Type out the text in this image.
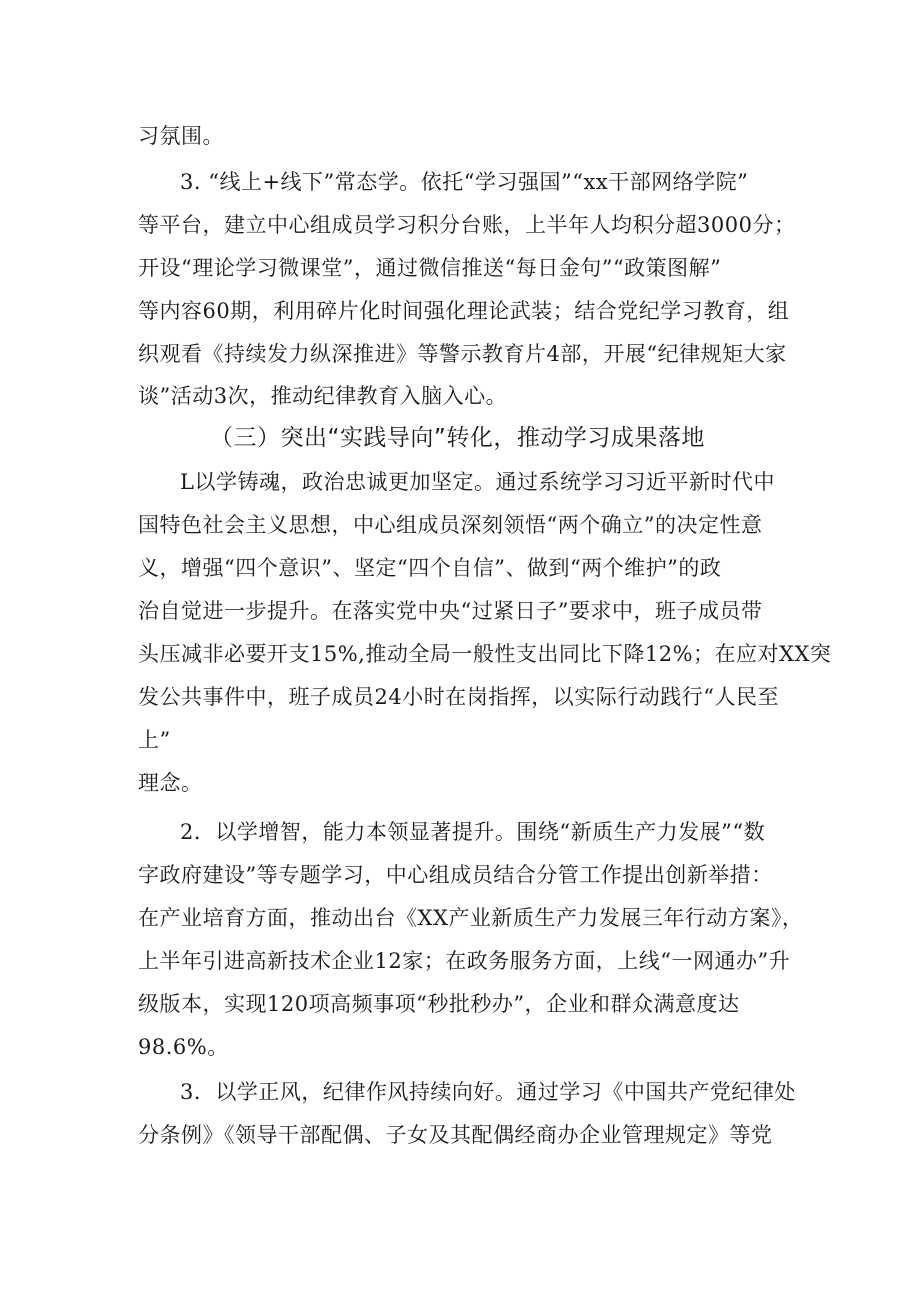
习氛围。
3. “线上+线下”常态学。依托“学习强国”“xx干部网络学院”
等平台，建立中心组成员学习积分台账，上半年人均积分超3000分；
开设“理论学习微课堂”，通过微信推送“每日金句”“政策图解”
等内容60期，利用碎片化时间强化理论武装；结合党纪学习教育，组
织观看《持续发力纵深推进》等警示教育片4部，开展“纪律规矩大家
谈”活动3次，推动纪律教育入脑入心。
（三）突出“实践导向”转化，推动学习成果落地
L以学铸魂，政治忠诚更加坚定。通过系统学习习近平新时代中
国特色社会主义思想，中心组成员深刻领悟“两个确立”的决定性意
义，增强“四个意识”、坚定“四个自信”、做到“两个维护”的政
治自觉进一步提升。在落实党中央“过紧日子”要求中，班子成员带
头压减非必要开支15%,推动全局一般性支出同比下降12%；在应对XX突
发公共事件中，班子成员24小时在岗指挥，以实际行动践行“人民至
上”
理念。
2．以学增智，能力本领显著提升。围绕“新质生产力发展”“数
字政府建设”等专题学习，中心组成员结合分管工作提出创新举措：
在产业培育方面，推动出台《XX产业新质生产力发展三年行动方案》，
上半年引进高新技术企业12家；在政务服务方面，上线“一网通办”升
级版本，实现120项高频事项“秒批秒办”，企业和群众满意度达
98.6%。
3．以学正风，纪律作风持续向好。通过学习《中国共产党纪律处
分条例》《领导干部配偶、子女及其配偶经商办企业管理规定》等党
